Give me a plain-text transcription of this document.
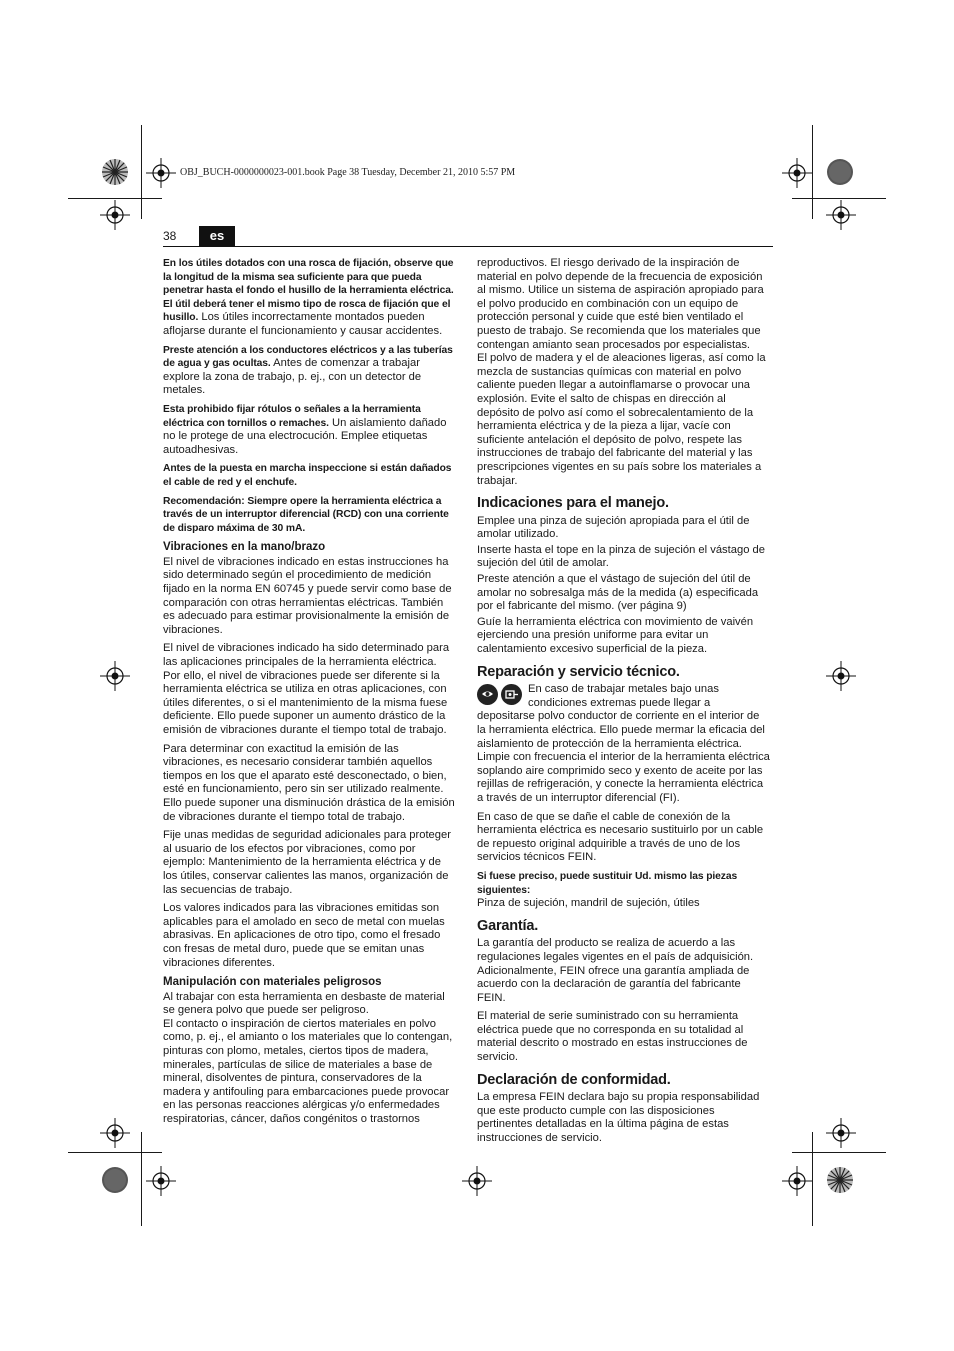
OBJ_BUCH-0000000023-001.book Page 38 Tuesday, December 21, 2010 5:57 PM
38	es

En los útiles dotados con una rosca de fijación, observe que la longitud de la misma sea suficiente para que pueda penetrar hasta el fondo el husillo de la herramienta eléctrica. El útil deberá tener el mismo tipo de rosca de fijación que el husillo. Los útiles incorrectamente montados pueden aflojarse durante el funcionamiento y causar accidentes.

Preste atención a los conductores eléctricos y a las tuberías de agua y gas ocultas. Antes de comenzar a trabajar explore la zona de trabajo, p. ej., con un detector de metales.

Esta prohibido fijar rótulos o señales a la herramienta eléctrica con tornillos o remaches. Un aislamiento dañado no le protege de una electrocución. Emplee etiquetas autoadhesivas.

Antes de la puesta en marcha inspeccione si están dañados el cable de red y el enchufe.

Recomendación: Siempre opere la herramienta eléctrica a través de un interruptor diferencial (RCD) con una corriente de disparo máxima de 30 mA.

Vibraciones en la mano/brazo

El nivel de vibraciones indicado en estas instrucciones ha sido determinado según el procedimiento de medición fijado en la norma EN 60745 y puede servir como base de comparación con otras herramientas eléctricas. También es adecuado para estimar provisionalmente la emisión de vibraciones.

El nivel de vibraciones indicado ha sido determinado para las aplicaciones principales de la herramienta eléctrica. Por ello, el nivel de vibraciones puede ser diferente si la herramienta eléctrica se utiliza en otras aplicaciones, con útiles diferentes, o si el mantenimiento de la misma fuese deficiente. Ello puede suponer un aumento drástico de la emisión de vibraciones durante el tiempo total de trabajo.

Para determinar con exactitud la emisión de las vibraciones, es necesario considerar también aquellos tiempos en los que el aparato esté desconectado, o bien, esté en funcionamiento, pero sin ser utilizado realmente. Ello puede suponer una disminución drástica de la emisión de vibraciones durante el tiempo total de trabajo.

Fije unas medidas de seguridad adicionales para proteger al usuario de los efectos por vibraciones, como por ejemplo: Mantenimiento de la herramienta eléctrica y de los útiles, conservar calientes las manos, organización de las secuencias de trabajo.

Los valores indicados para las vibraciones emitidas son aplicables para el amolado en seco de metal con muelas abrasivas. En aplicaciones de otro tipo, como el fresado con fresas de metal duro, puede que se emitan unas vibraciones diferentes.

Manipulación con materiales peligrosos

Al trabajar con esta herramienta en desbaste de material se genera polvo que puede ser peligroso.

El contacto o inspiración de ciertos materiales en polvo como, p. ej., el amianto o los materiales que lo contengan, pinturas con plomo, metales, ciertos tipos de madera, minerales, partículas de silice de materiales a base de mineral, disolventes de pintura, conservadores de la madera y antifouling para embarcaciones puede provocar en las personas reacciones alérgicas y/o enfermedades respiratorias, cáncer, daños congénitos o trastornos

reproductivos. El riesgo derivado de la inspiración de material en polvo depende de la frecuencia de exposición al mismo. Utilice un sistema de aspiración apropiado para el polvo producido en combinación con un equipo de protección personal y cuide que esté bien ventilado el puesto de trabajo. Se recomienda que los materiales que contengan amianto sean procesados por especialistas.

El polvo de madera y el de aleaciones ligeras, así como la mezcla de sustancias químicas con material en polvo caliente pueden llegar a autoinflamarse o provocar una explosión. Evite el salto de chispas en dirección al depósito de polvo así como el sobrecalentamiento de la herramienta eléctrica y de la pieza a lijar, vacíe con suficiente antelación el depósito de polvo, respete las instrucciones de trabajo del fabricante del material y las prescripciones vigentes en su país sobre los materiales a trabajar.

Indicaciones para el manejo.

Emplee una pinza de sujeción apropiada para el útil de amolar utilizado.

Inserte hasta el tope en la pinza de sujeción el vástago de sujeción del útil de amolar.

Preste atención a que el vástago de sujeción del útil de amolar no sobresalga más de la medida (a) especificada por el fabricante del mismo. (ver página 9)

Guíe la herramienta eléctrica con movimiento de vaivén ejerciendo una presión uniforme para evitar un calentamiento excesivo superficial de la pieza.

Reparación y servicio técnico.

En caso de trabajar metales bajo unas condiciones extremas puede llegar a depositarse polvo conductor de corriente en el interior de la herramienta eléctrica. Ello puede mermar la eficacia del aislamiento de protección de la herramienta eléctrica. Limpie con frecuencia el interior de la herramienta eléctrica soplando aire comprimido seco y exento de aceite por las rejillas de refrigeración, y conecte la herramienta eléctrica a través de un interruptor diferencial (FI).

En caso de que se dañe el cable de conexión de la herramienta eléctrica es necesario sustituirlo por un cable de repuesto original adquirible a través de uno de los servicios técnicos FEIN.

Si fuese preciso, puede sustituir Ud. mismo las piezas siguientes:

Pinza de sujeción, mandril de sujeción, útiles

Garantía.

La garantía del producto se realiza de acuerdo a las regulaciones legales vigentes en el país de adquisición. Adicionalmente, FEIN ofrece una garantía ampliada de acuerdo con la declaración de garantía del fabricante FEIN.

El material de serie suministrado con su herramienta eléctrica puede que no corresponda en su totalidad al material descrito o mostrado en estas instrucciones de servicio.

Declaración de conformidad.

La empresa FEIN declara bajo su propia responsabilidad que este producto cumple con las disposiciones pertinentes detalladas en la última página de estas instrucciones de servicio.
